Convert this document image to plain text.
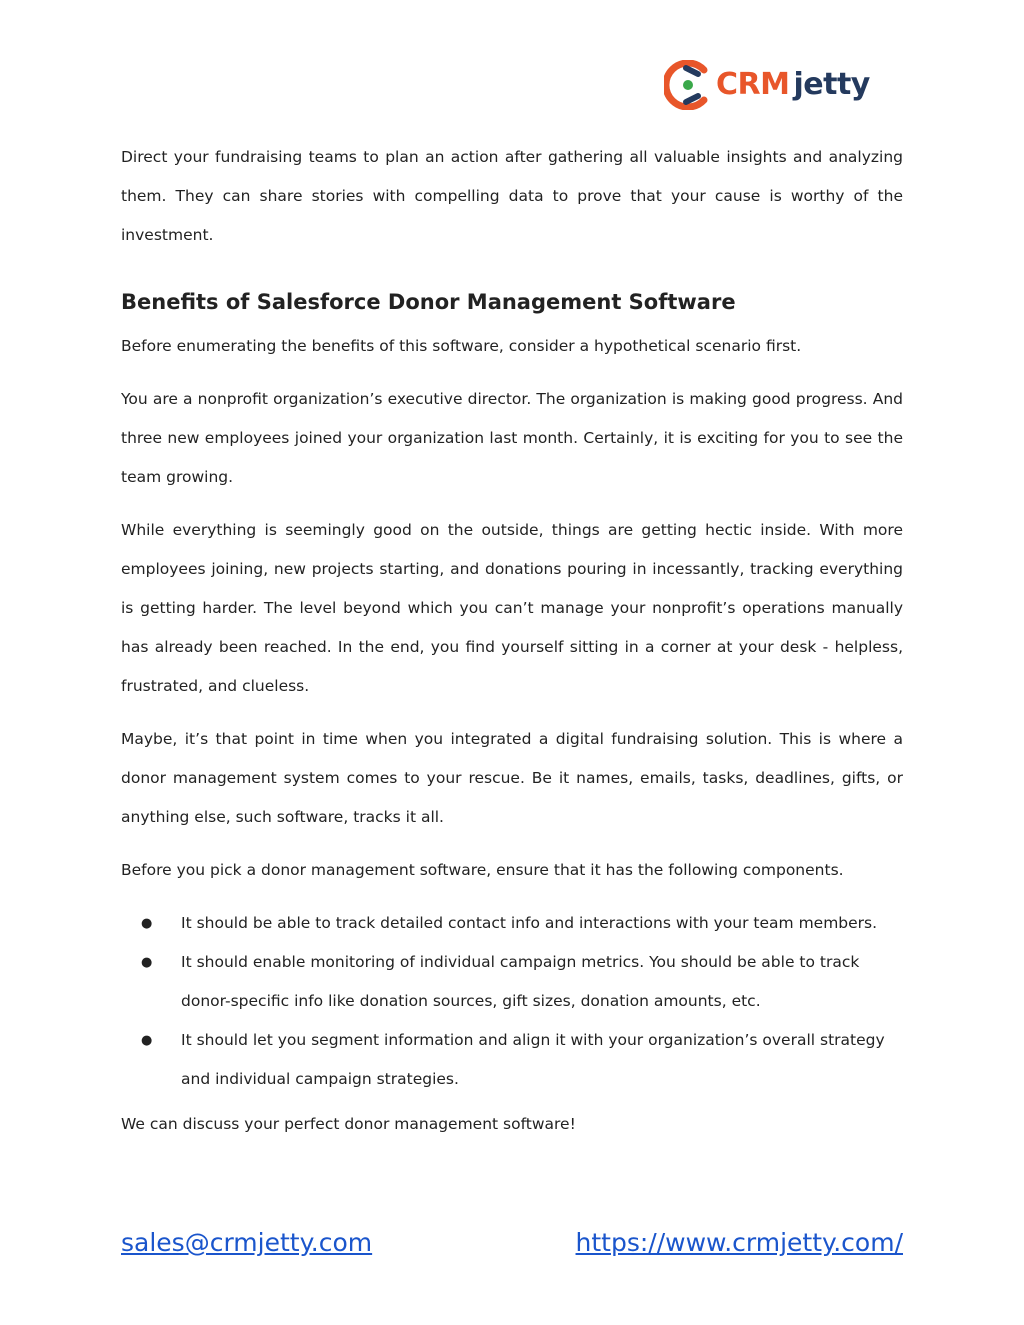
CRM jetty

Direct your fundraising teams to plan an action after gathering all valuable insights and analyzing them. They can share stories with compelling data to prove that your cause is worthy of the investment.

Benefits of Salesforce Donor Management Software

Before enumerating the benefits of this software, consider a hypothetical scenario first.

You are a nonprofit organization’s executive director. The organization is making good progress. And three new employees joined your organization last month. Certainly, it is exciting for you to see the team growing.

While everything is seemingly good on the outside, things are getting hectic inside. With more employees joining, new projects starting, and donations pouring in incessantly, tracking everything is getting harder. The level beyond which you can’t manage your nonprofit’s operations manually has already been reached. In the end, you find yourself sitting in a corner at your desk - helpless, frustrated, and clueless.

Maybe, it’s that point in time when you integrated a digital fundraising solution. This is where a donor management system comes to your rescue. Be it names, emails, tasks, deadlines, gifts, or anything else, such software, tracks it all.

Before you pick a donor management software, ensure that it has the following components.

● It should be able to track detailed contact info and interactions with your team members.
● It should enable monitoring of individual campaign metrics. You should be able to track donor-specific info like donation sources, gift sizes, donation amounts, etc.
● It should let you segment information and align it with your organization’s overall strategy and individual campaign strategies.

We can discuss your perfect donor management software!

sales@crmjetty.com	https://www.crmjetty.com/
